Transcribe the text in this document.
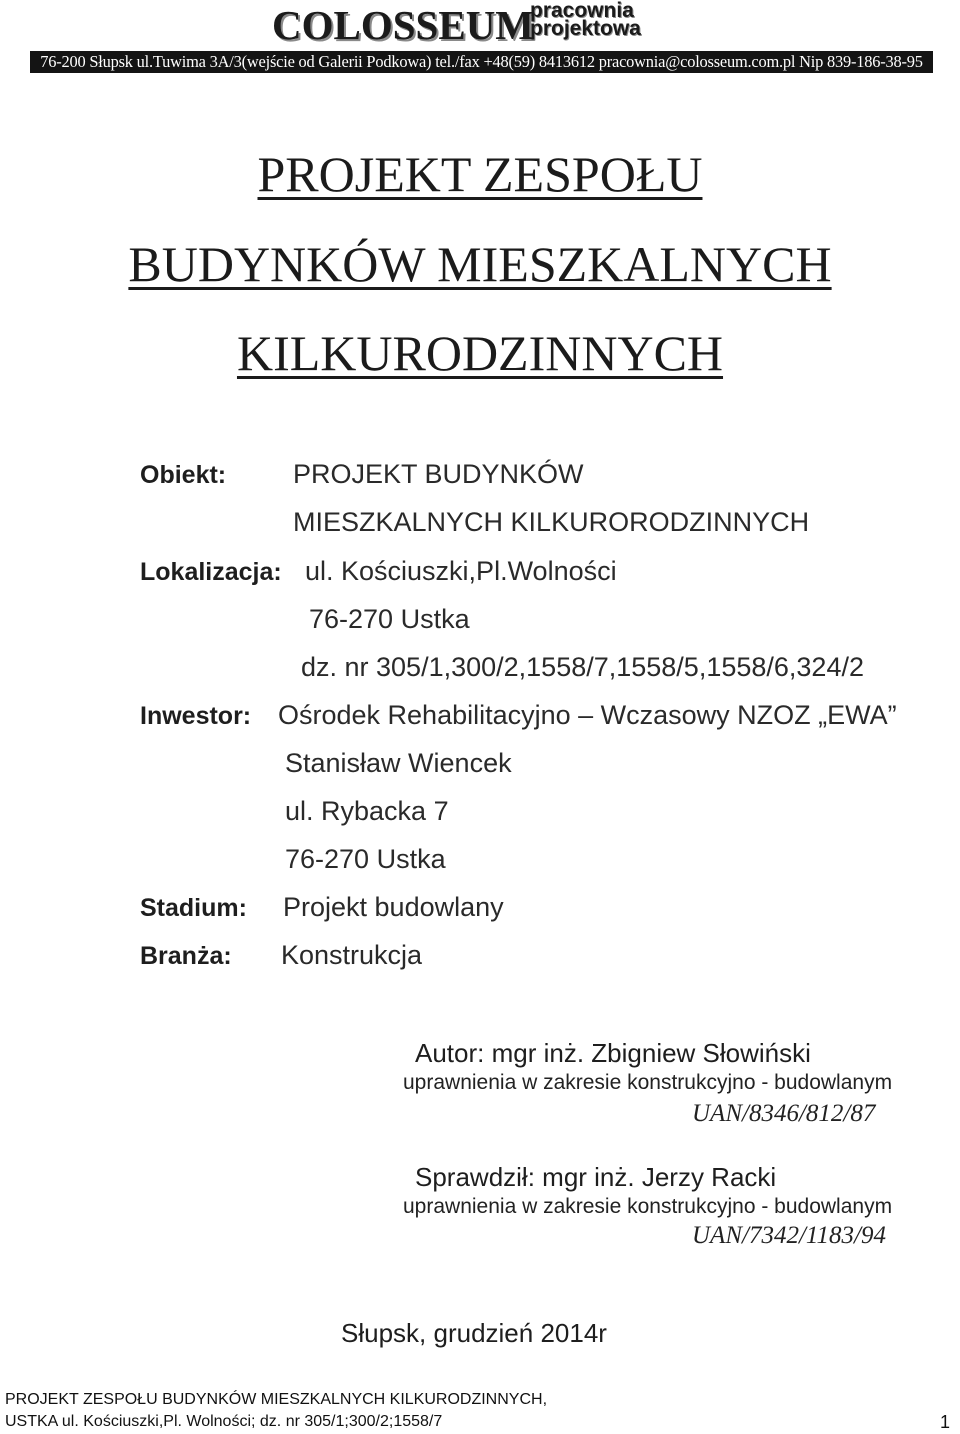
COLOSSEUM
pracownia
projektowa
76-200 Słupsk ul.Tuwima 3A/3(wejście od Galerii Podkowa) tel./fax +48(59) 8413612 pracownia@colosseum.com.pl Nip 839-186-38-95
PROJEKT ZESPOŁU
BUDYNKÓW MIESZKALNYCH
KILKURODZINNYCH
Obiekt: PROJEKT BUDYNKÓW
MIESZKALNYCH KILKURORODZINNYCH
Lokalizacja: ul. Kościuszki,Pl.Wolności
76-270 Ustka
dz. nr 305/1,300/2,1558/7,1558/5,1558/6,324/2
Inwestor: Ośrodek Rehabilitacyjno – Wczasowy NZOZ „EWA”
Stanisław Wiencek
ul. Rybacka 7
76-270 Ustka
Stadium: Projekt budowlany
Branża: Konstrukcja
Autor: mgr inż. Zbigniew Słowiński
uprawnienia w zakresie konstrukcyjno - budowlanym
UAN/8346/812/87
Sprawdził: mgr inż. Jerzy Racki
uprawnienia w zakresie konstrukcyjno - budowlanym
UAN/7342/1183/94
Słupsk, grudzień 2014r
PROJEKT ZESPOŁU BUDYNKÓW MIESZKALNYCH KILKURODZINNYCH,
USTKA ul. Kościuszki,Pl. Wolności; dz. nr 305/1;300/2;1558/7	1
